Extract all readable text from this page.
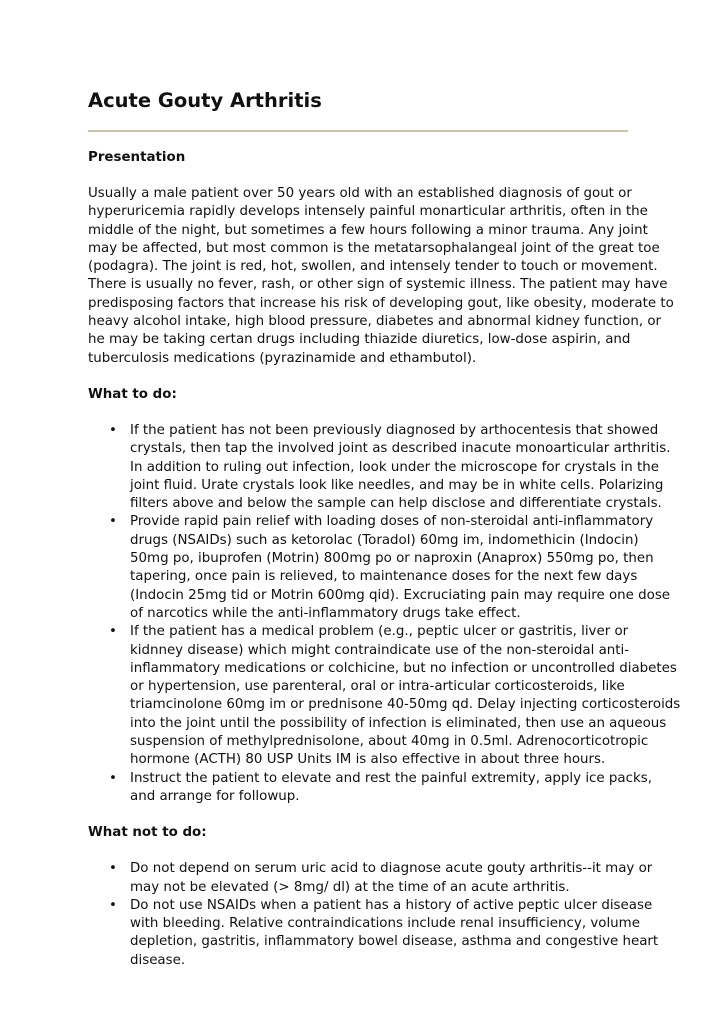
Acute Gouty Arthritis
Presentation

Usually a male patient over 50 years old with an established diagnosis of gout or
hyperuricemia rapidly develops intensely painful monarticular arthritis, often in the
middle of the night, but sometimes a few hours following a minor trauma. Any joint
may be affected, but most common is the metatarsophalangeal joint of the great toe
(podagra). The joint is red, hot, swollen, and intensely tender to touch or movement.
There is usually no fever, rash, or other sign of systemic illness. The patient may have
predisposing factors that increase his risk of developing gout, like obesity, moderate to
heavy alcohol intake, high blood pressure, diabetes and abnormal kidney function, or
he may be taking certan drugs including thiazide diuretics, low-dose aspirin, and
tuberculosis medications (pyrazinamide and ethambutol).

What to do:
• If the patient has not been previously diagnosed by arthocentesis that showed
crystals, then tap the involved joint as described inacute monoarticular arthritis.
In addition to ruling out infection, look under the microscope for crystals in the
joint fluid. Urate crystals look like needles, and may be in white cells. Polarizing
filters above and below the sample can help disclose and differentiate crystals.
• Provide rapid pain relief with loading doses of non-steroidal anti-inflammatory
drugs (NSAIDs) such as ketorolac (Toradol) 60mg im, indomethicin (Indocin)
50mg po, ibuprofen (Motrin) 800mg po or naproxin (Anaprox) 550mg po, then
tapering, once pain is relieved, to maintenance doses for the next few days
(Indocin 25mg tid or Motrin 600mg qid). Excruciating pain may require one dose
of narcotics while the anti-inflammatory drugs take effect.
• If the patient has a medical problem (e.g., peptic ulcer or gastritis, liver or
kidnney disease) which might contraindicate use of the non-steroidal anti-
inflammatory medications or colchicine, but no infection or uncontrolled diabetes
or hypertension, use parenteral, oral or intra-articular corticosteroids, like
triamcinolone 60mg im or prednisone 40-50mg qd. Delay injecting corticosteroids
into the joint until the possibility of infection is eliminated, then use an aqueous
suspension of methylprednisolone, about 40mg in 0.5ml. Adrenocorticotropic
hormone (ACTH) 80 USP Units IM is also effective in about three hours.
• Instruct the patient to elevate and rest the painful extremity, apply ice packs,
and arrange for followup.
What not to do:
• Do not depend on serum uric acid to diagnose acute gouty arthritis--it may or
may not be elevated (> 8mg/ dl) at the time of an acute arthritis.
• Do not use NSAIDs when a patient has a history of active peptic ulcer disease
with bleeding. Relative contraindications include renal insufficiency, volume
depletion, gastritis, inflammatory bowel disease, asthma and congestive heart
disease.
